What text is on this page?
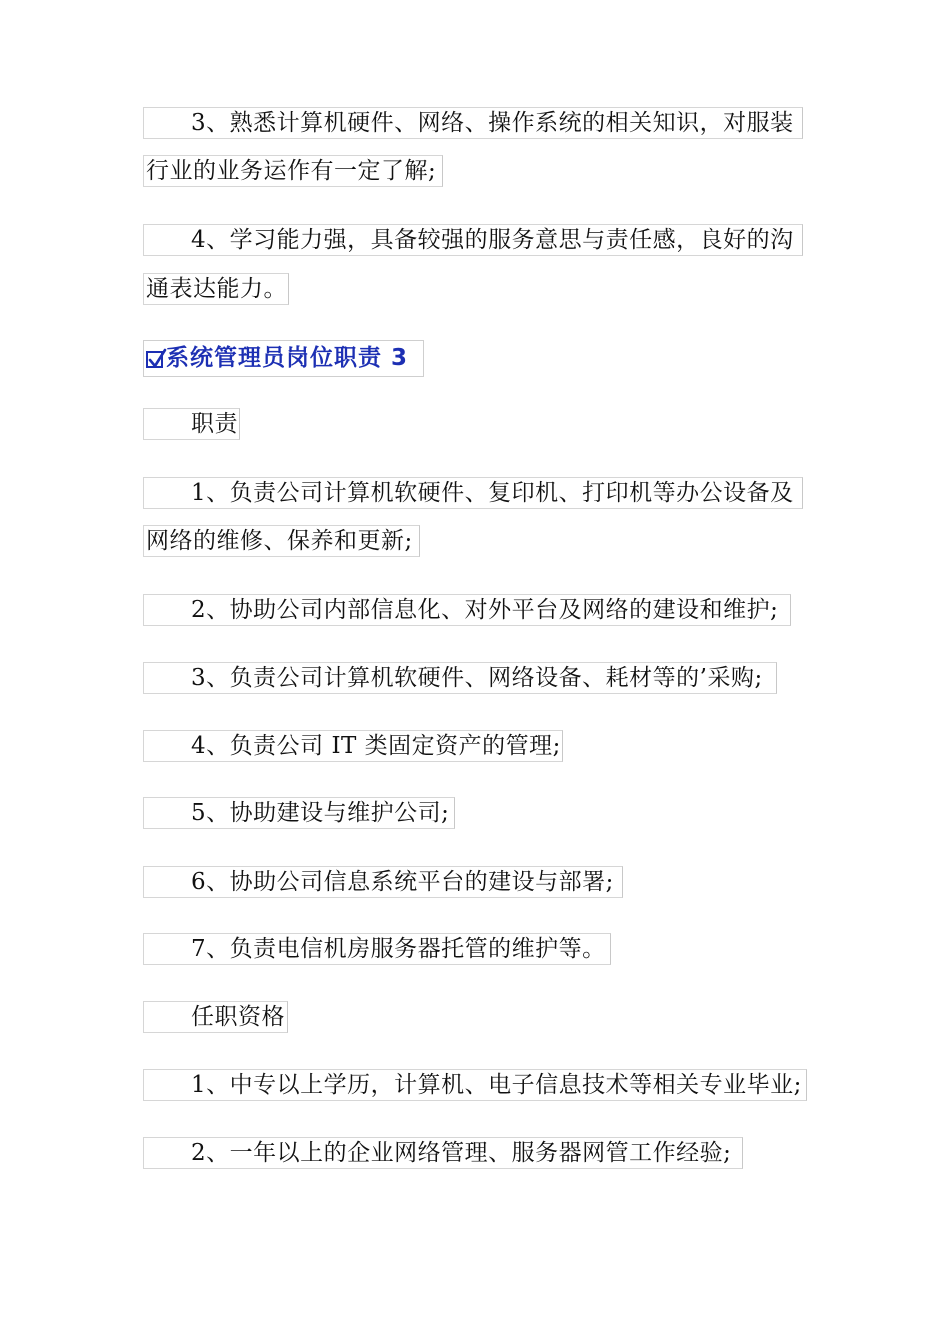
3、熟悉计算机硬件、网络、操作系统的相关知识，对服装
行业的业务运作有一定了解;
4、学习能力强，具备较强的服务意思与责任感，良好的沟
通表达能力。
系统管理员岗位职责 3
职责
1、负责公司计算机软硬件、复印机、打印机等办公设备及
网络的维修、保养和更新;
2、协助公司内部信息化、对外平台及网络的建设和维护;
3、负责公司计算机软硬件、网络设备、耗材等的’采购;
4、负责公司 IT 类固定资产的管理;
5、协助建设与维护公司;
6、协助公司信息系统平台的建设与部署;
7、负责电信机房服务器托管的维护等。
任职资格
1、中专以上学历，计算机、电子信息技术等相关专业毕业;
2、一年以上的企业网络管理、服务器网管工作经验;
